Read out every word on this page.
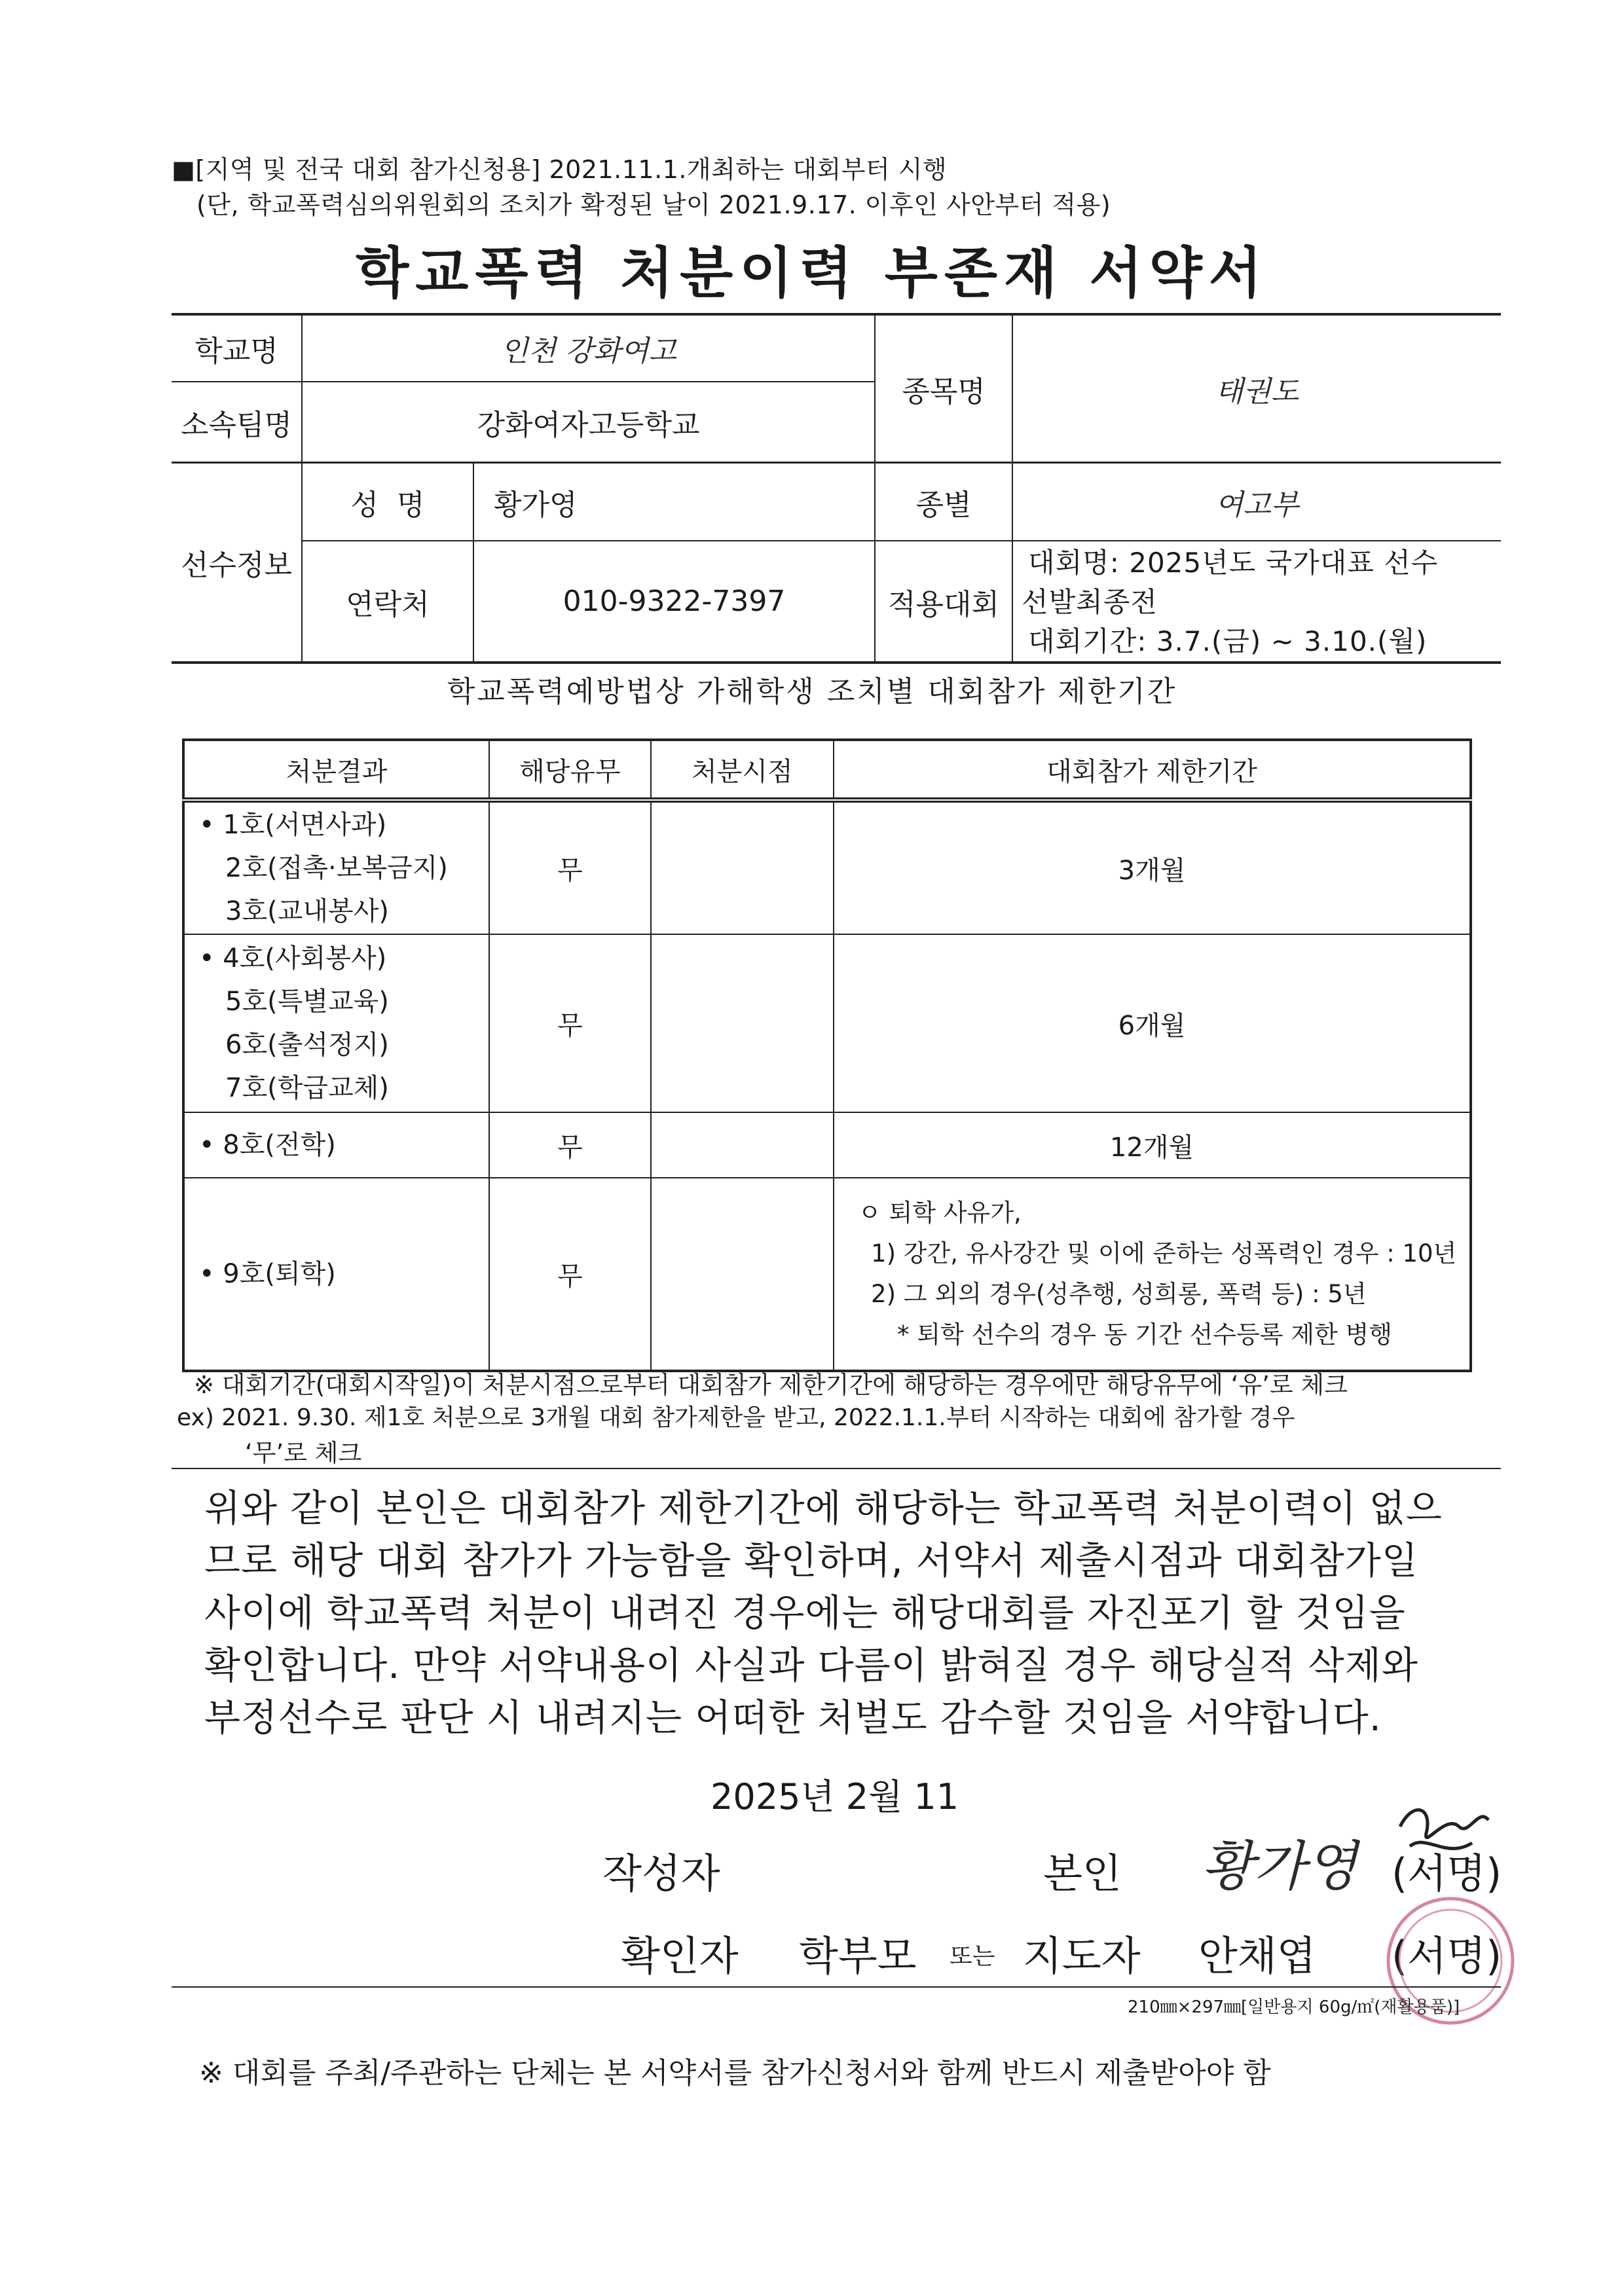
■[지역 및 전국 대회 참가신청용] 2021.11.1.개최하는 대회부터 시행
(단, 학교폭력심의위원회의 조치가 확정된 날이 2021.9.17. 이후인 사안부터 적용)
학교폭력 처분이력 부존재 서약서
학교명	인천 강화여고
소속팀명	강화여자고등학교
종목명	태권도
선수정보
성  명	황가영	종별	여고부
연락처	010-9322-7397	적용대회
대회명: 2025년도 국가대표 선수
선발최종전
대회기간: 3.7.(금) ~ 3.10.(월)
학교폭력예방법상 가해학생 조치별 대회참가 제한기간
처분결과	해당유무	처분시점	대회참가 제한기간

• 1호(서면사과)
2호(접촉·보복금지)
3호(교내봉사)	무		3개월

• 4호(사회봉사)
5호(특별교육)
6호(출석정지)
7호(학급교체)	무		6개월

• 8호(전학)	무		12개월

• 9호(퇴학)	무		ㅇ 퇴학 사유가,
1) 강간, 유사강간 및 이에 준하는 성폭력인 경우 : 10년
2) 그 외의 경우(성추행, 성희롱, 폭력 등) : 5년
* 퇴학 선수의 경우 동 기간 선수등록 제한 병행
※ 대회기간(대회시작일)이 처분시점으로부터 대회참가 제한기간에 해당하는 경우에만 해당유무에 ‘유’로 체크
ex) 2021. 9.30. 제1호 처분으로 3개월 대회 참가제한을 받고, 2022.1.1.부터 시작하는 대회에 참가할 경우
‘무’로 체크
위와 같이 본인은 대회참가 제한기간에 해당하는 학교폭력 처분이력이 없으
므로 해당 대회 참가가 가능함을 확인하며, 서약서 제출시점과 대회참가일
사이에 학교폭력 처분이 내려진 경우에는 해당대회를 자진포기 할 것임을
확인합니다. 만약 서약내용이 사실과 다름이 밝혀질 경우 해당실적 삭제와
부정선수로 판단 시 내려지는 어떠한 처벌도 감수할 것임을 서약합니다.
2025년 2월 11
작성자	본인 황가영 (서명)
확인자 학부모 또는 지도자 안채엽 (서명)
210㎜×297㎜[일반용지 60g/㎡(재활용품)]
※ 대회를 주최/주관하는 단체는 본 서약서를 참가신청서와 함께 반드시 제출받아야 함
